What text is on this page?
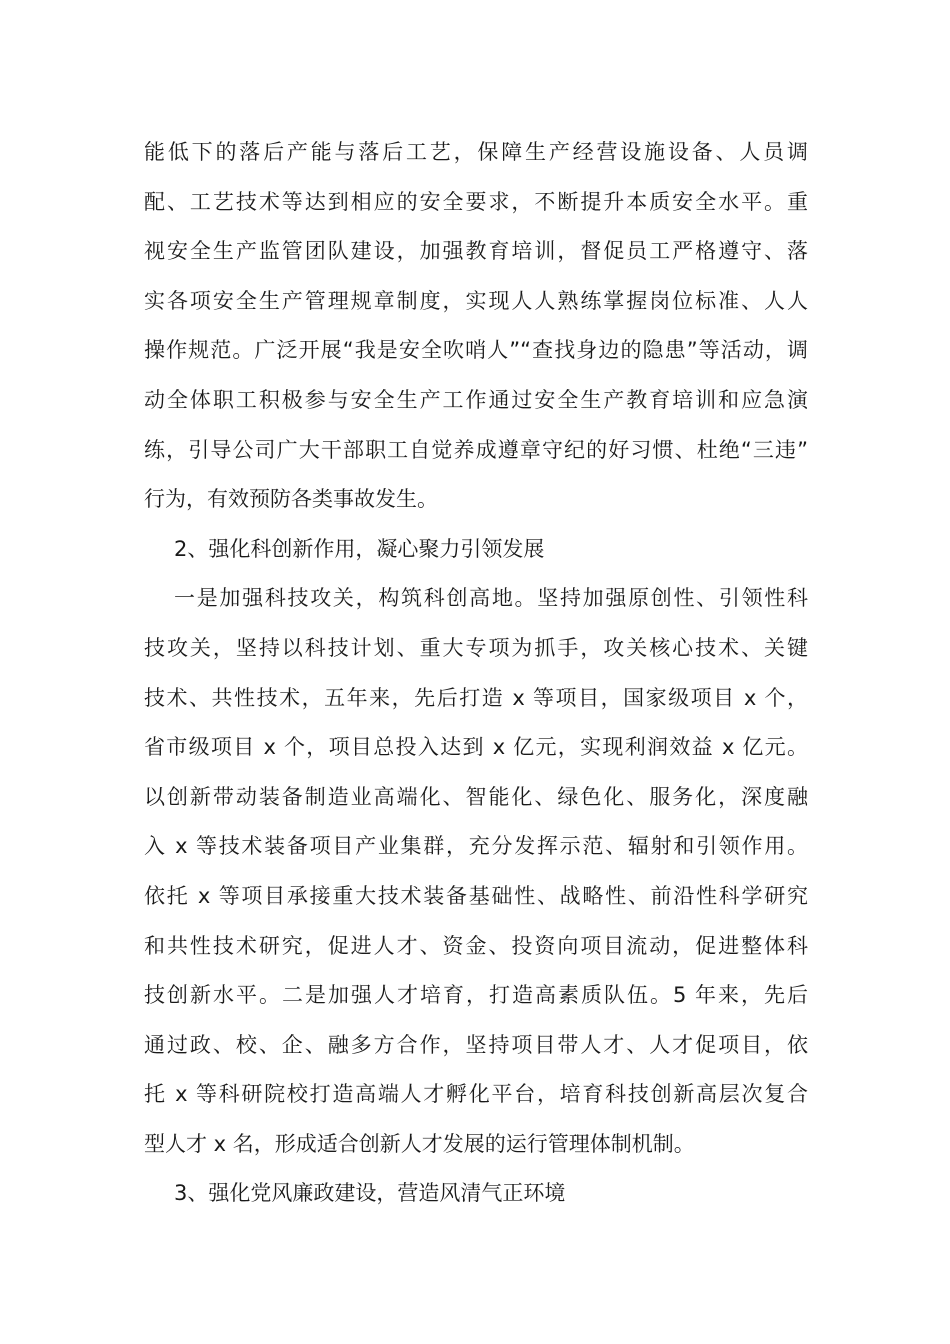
能低下的落后产能与落后工艺，保障生产经营设施设备、人员调
配、工艺技术等达到相应的安全要求，不断提升本质安全水平。重
视安全生产监管团队建设，加强教育培训，督促员工严格遵守、落
实各项安全生产管理规章制度，实现人人熟练掌握岗位标准、人人
操作规范。广泛开展“我是安全吹哨人”“查找身边的隐患”等活动，调
动全体职工积极参与安全生产工作通过安全生产教育培训和应急演
练，引导公司广大干部职工自觉养成遵章守纪的好习惯、杜绝“三违”
行为，有效预防各类事故发生。
2、强化科创新作用，凝心聚力引领发展
一是加强科技攻关，构筑科创高地。坚持加强原创性、引领性科
技攻关，坚持以科技计划、重大专项为抓手，攻关核心技术、关键
技术、共性技术，五年来，先后打造 x 等项目，国家级项目 x 个，
省市级项目 x 个，项目总投入达到 x 亿元，实现利润效益 x 亿元。
以创新带动装备制造业高端化、智能化、绿色化、服务化，深度融
入 x 等技术装备项目产业集群，充分发挥示范、辐射和引领作用。
依托 x 等项目承接重大技术装备基础性、战略性、前沿性科学研究
和共性技术研究，促进人才、资金、投资向项目流动，促进整体科
技创新水平。二是加强人才培育，打造高素质队伍。5 年来，先后
通过政、校、企、融多方合作，坚持项目带人才、人才促项目，依
托 x 等科研院校打造高端人才孵化平台，培育科技创新高层次复合
型人才 x 名，形成适合创新人才发展的运行管理体制机制。
3、强化党风廉政建设，营造风清气正环境
